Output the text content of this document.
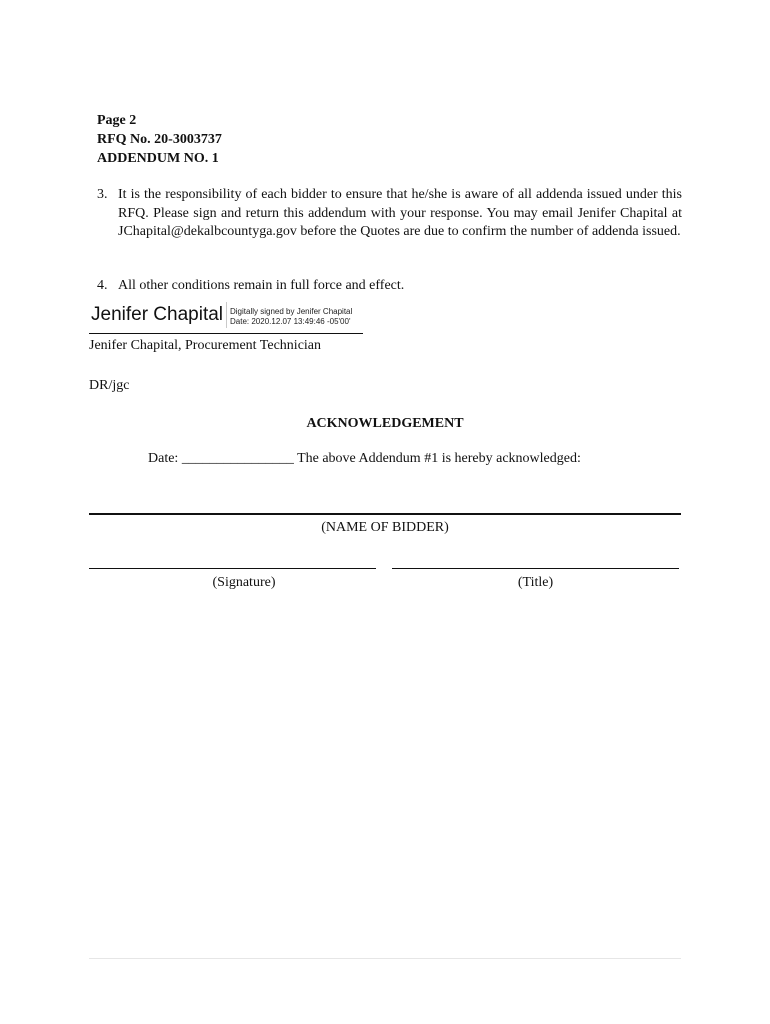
Page 2
RFQ No. 20-3003737
ADDENDUM NO. 1
3. It is the responsibility of each bidder to ensure that he/she is aware of all addenda issued under this RFQ. Please sign and return this addendum with your response. You may email Jenifer Chapital at JChapital@dekalbcountyga.gov before the Quotes are due to confirm the number of addenda issued.
4. All other conditions remain in full force and effect.
Jenifer Chapital Digitally signed by Jenifer Chapital
Date: 2020.12.07 13:49:46 -05'00'
Jenifer Chapital, Procurement Technician
DR/jgc
ACKNOWLEDGEMENT
Date: ________________ The above Addendum #1 is hereby acknowledged:
(NAME OF BIDDER)
(Signature)	(Title)
